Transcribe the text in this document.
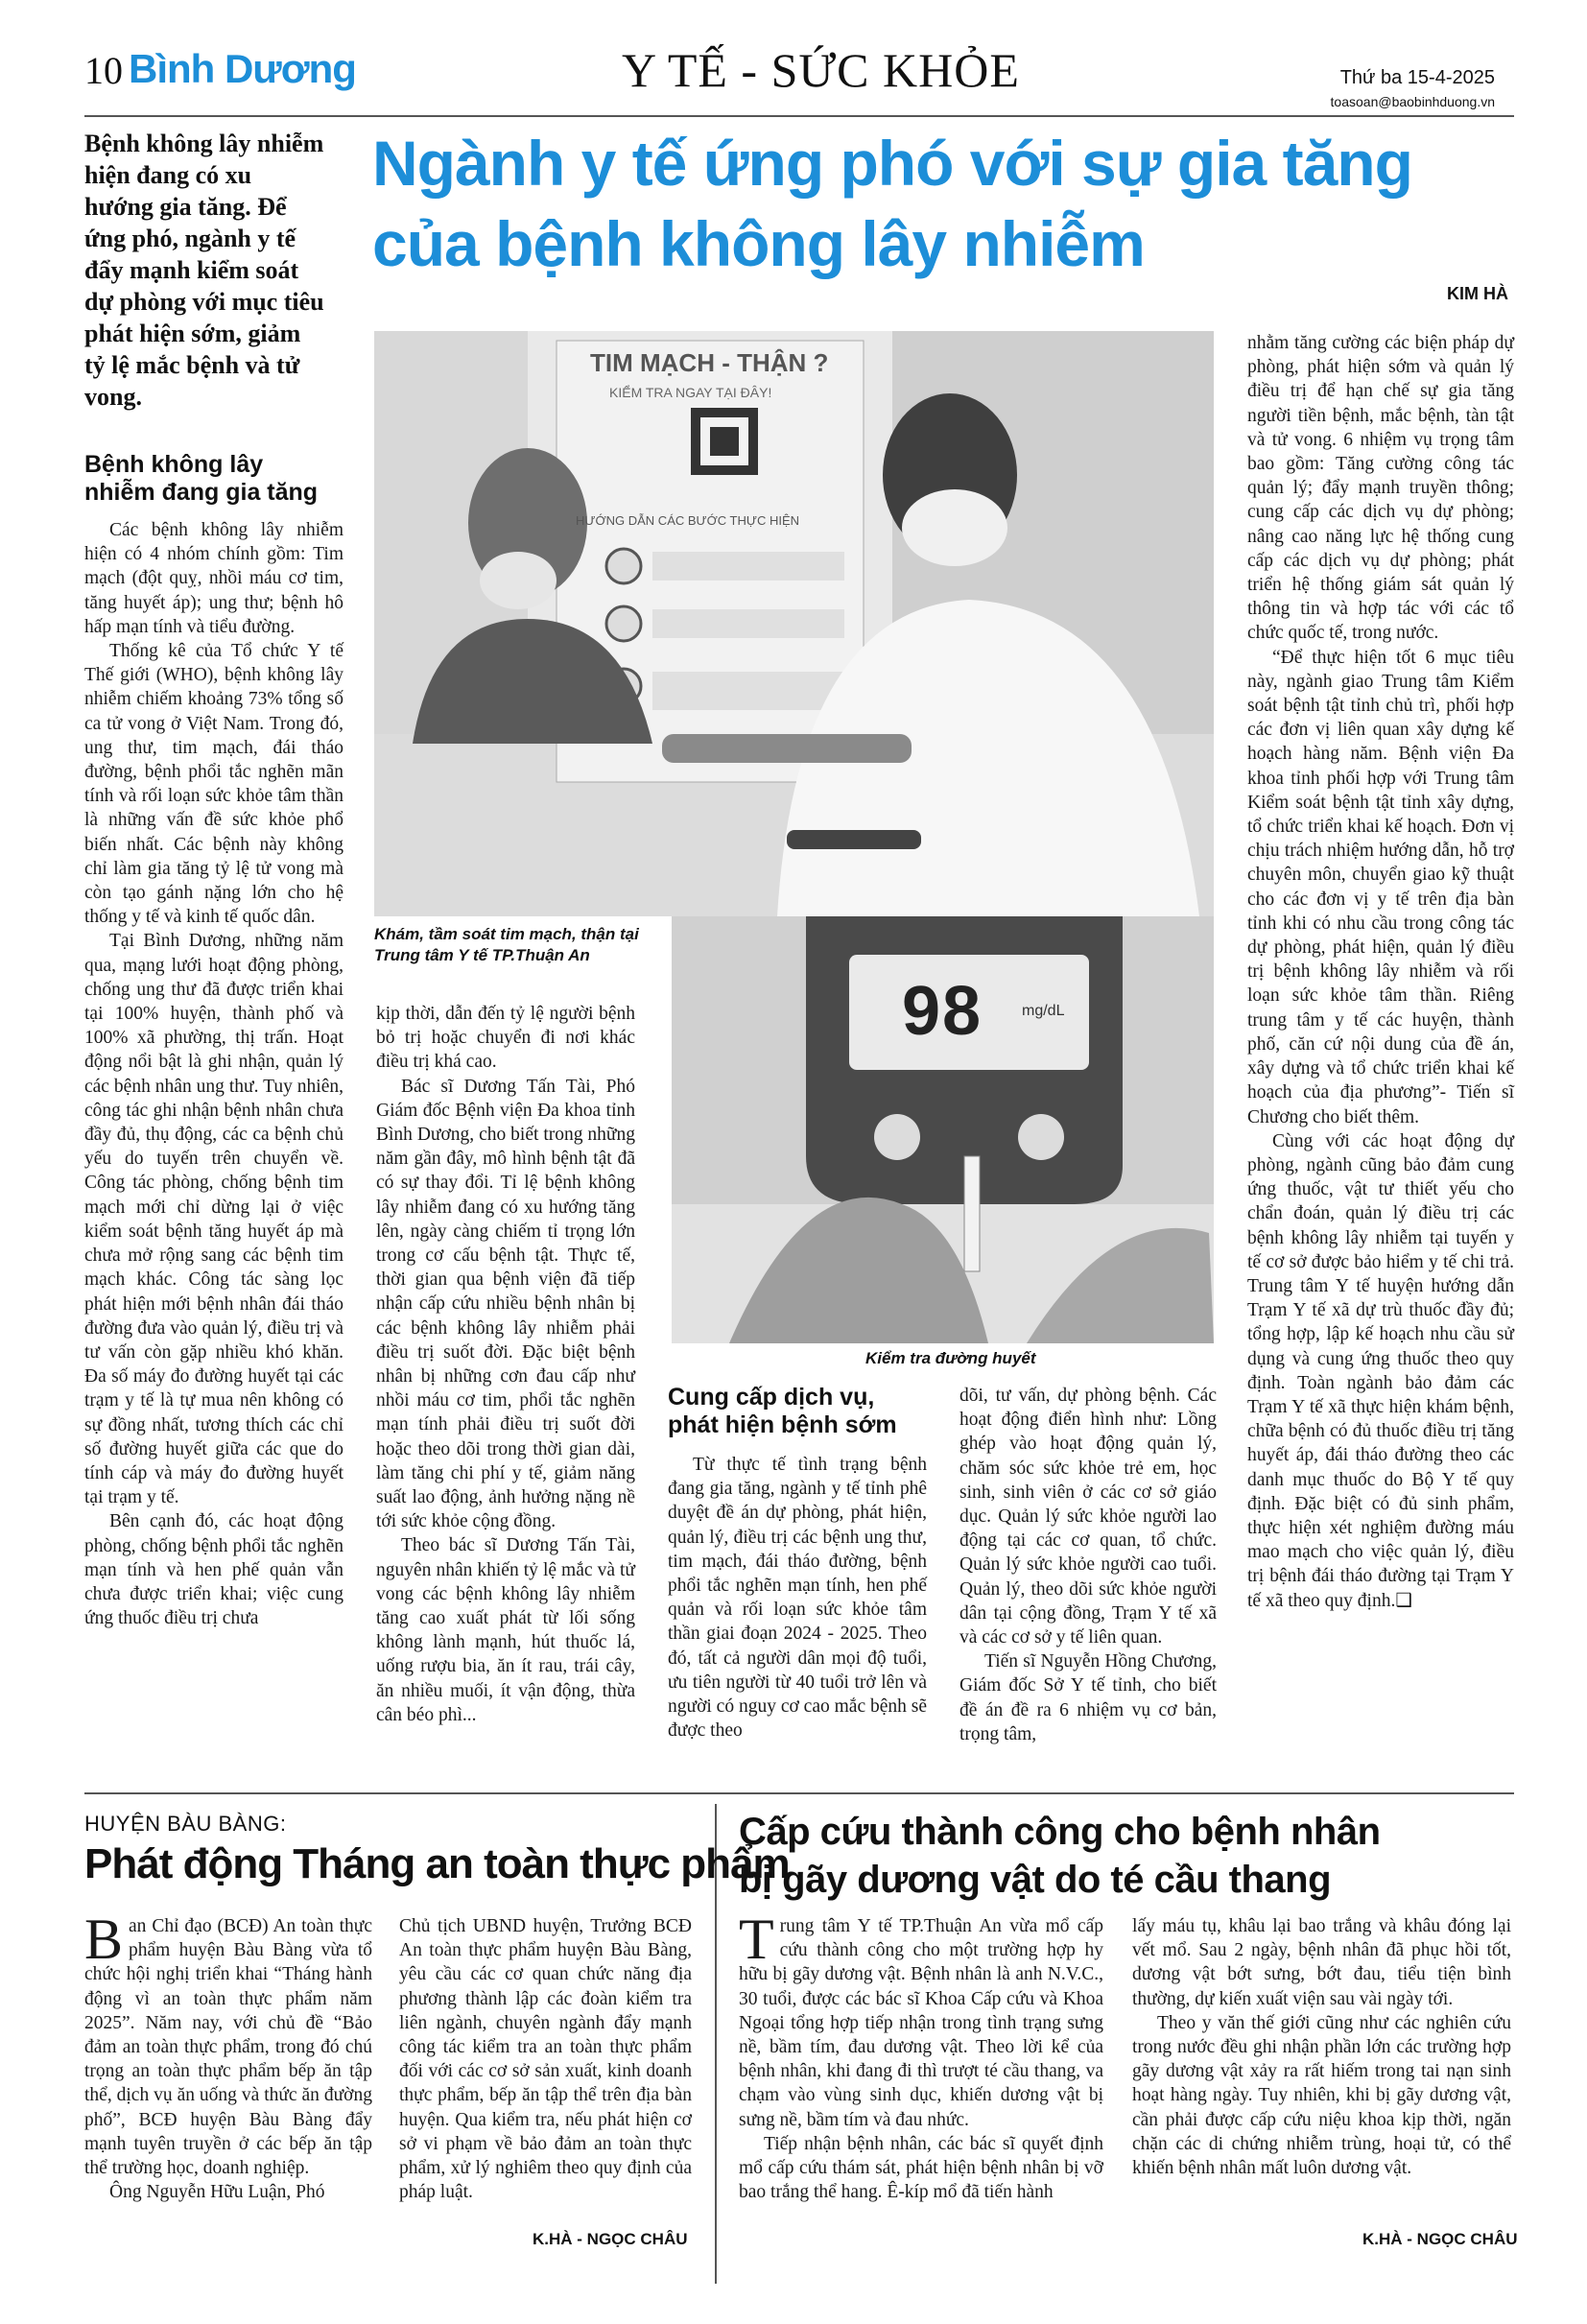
10 Bình Dương	Y TẾ - SỨC KHỎE	Thứ ba 15-4-2025
toasoan@baobinhduong.vn
Bệnh không lây nhiễm hiện đang có xu hướng gia tăng. Để ứng phó, ngành y tế đẩy mạnh kiểm soát dự phòng với mục tiêu phát hiện sớm, giảm tỷ lệ mắc bệnh và tử vong.
Ngành y tế ứng phó với sự gia tăng
của bệnh không lây nhiễm
KIM HÀ
Bệnh không lây nhiễm đang gia tăng

Các bệnh không lây nhiễm hiện có 4 nhóm chính gồm: Tim mạch (đột quỵ, nhồi máu cơ tim, tăng huyết áp); ung thư; bệnh hô hấp mạn tính và tiểu đường.

Thống kê của Tổ chức Y tế Thế giới (WHO), bệnh không lây nhiễm chiếm khoảng 73% tổng số ca tử vong ở Việt Nam. Trong đó, ung thư, tim mạch, đái tháo đường, bệnh phổi tắc nghẽn mãn tính và rối loạn sức khỏe tâm thần là những vấn đề sức khỏe phổ biến nhất. Các bệnh này không chỉ làm gia tăng tỷ lệ tử vong mà còn tạo gánh nặng lớn cho hệ thống y tế và kinh tế quốc dân.

Tại Bình Dương, những năm qua, mạng lưới hoạt động phòng, chống ung thư đã được triển khai tại 100% huyện, thành phố và 100% xã phường, thị trấn. Hoạt động nổi bật là ghi nhận, quản lý các bệnh nhân ung thư. Tuy nhiên, công tác ghi nhận bệnh nhân chưa đầy đủ, thụ động, các ca bệnh chủ yếu do tuyến trên chuyển về. Công tác phòng, chống bệnh tim mạch mới chỉ dừng lại ở việc kiểm soát bệnh tăng huyết áp mà chưa mở rộng sang các bệnh tim mạch khác. Công tác sàng lọc phát hiện mới bệnh nhân đái tháo đường đưa vào quản lý, điều trị và tư vấn còn gặp nhiều khó khăn. Đa số máy đo đường huyết tại các trạm y tế là tự mua nên không có sự đồng nhất, tương thích các chỉ số đường huyết giữa các que do tính cáp và máy đo đường huyết tại trạm y tế.

Bên cạnh đó, các hoạt động phòng, chống bệnh phổi tắc nghẽn mạn tính và hen phế quản vẫn chưa được triển khai; việc cung ứng thuốc điều trị chưa

TIM MẠCH - THẬN ?
KIỂM TRA NGAY TẠI ĐÂY!
HƯỚNG DẪN CÁC BƯỚC THỰC HIỆN
Khám, tầm soát tim mạch, thận tại Trung tâm Y tế TP.Thuận An
98	mg/dL
Kiểm tra đường huyết

kịp thời, dẫn đến tỷ lệ người bệnh bỏ trị hoặc chuyển đi nơi khác điều trị khá cao.

Bác sĩ Dương Tấn Tài, Phó Giám đốc Bệnh viện Đa khoa tỉnh Bình Dương, cho biết trong những năm gần đây, mô hình bệnh tật đã có sự thay đổi. Tỉ lệ bệnh không lây nhiễm đang có xu hướng tăng lên, ngày càng chiếm tỉ trọng lớn trong cơ cấu bệnh tật. Thực tế, thời gian qua bệnh viện đã tiếp nhận cấp cứu nhiều bệnh nhân bị các bệnh không lây nhiễm phải điều trị suốt đời. Đặc biệt bệnh nhân bị những cơn đau cấp như nhồi máu cơ tim, phổi tắc nghẽn mạn tính phải điều trị suốt đời hoặc theo dõi trong thời gian dài, làm tăng chi phí y tế, giảm năng suất lao động, ảnh hưởng nặng nề tới sức khỏe cộng đồng.

Theo bác sĩ Dương Tấn Tài, nguyên nhân khiến tỷ lệ mắc và tử vong các bệnh không lây nhiễm tăng cao xuất phát từ lối sống không lành mạnh, hút thuốc lá, uống rượu bia, ăn ít rau, trái cây, ăn nhiều muối, ít vận động, thừa cân béo phì...

Cung cấp dịch vụ, phát hiện bệnh sớm

Từ thực tế tình trạng bệnh đang gia tăng, ngành y tế tỉnh phê duyệt đề án dự phòng, phát hiện, quản lý, điều trị các bệnh ung thư, tim mạch, đái tháo đường, bệnh phổi tắc nghẽn mạn tính, hen phế quản và rối loạn sức khỏe tâm thần giai đoạn 2024 - 2025. Theo đó, tất cả người dân mọi độ tuổi, ưu tiên người từ 40 tuổi trở lên và người có nguy cơ cao mắc bệnh sẽ được theo

dõi, tư vấn, dự phòng bệnh. Các hoạt động điển hình như: Lồng ghép vào hoạt động quản lý, chăm sóc sức khỏe trẻ em, học sinh, sinh viên ở các cơ sở giáo dục. Quản lý sức khỏe người lao động tại các cơ quan, tổ chức. Quản lý sức khỏe người cao tuổi. Quản lý, theo dõi sức khỏe người dân tại cộng đồng, Trạm Y tế xã và các cơ sở y tế liên quan.

Tiến sĩ Nguyễn Hồng Chương, Giám đốc Sở Y tế tỉnh, cho biết đề án đề ra 6 nhiệm vụ cơ bản, trọng tâm,

nhằm tăng cường các biện pháp dự phòng, phát hiện sớm và quản lý điều trị để hạn chế sự gia tăng người tiền bệnh, mắc bệnh, tàn tật và tử vong. 6 nhiệm vụ trọng tâm bao gồm: Tăng cường công tác quản lý; đẩy mạnh truyền thông; cung cấp các dịch vụ dự phòng; nâng cao năng lực hệ thống cung cấp các dịch vụ dự phòng; phát triển hệ thống giám sát quản lý thông tin và hợp tác với các tổ chức quốc tế, trong nước.

“Để thực hiện tốt 6 mục tiêu này, ngành giao Trung tâm Kiểm soát bệnh tật tỉnh chủ trì, phối hợp các đơn vị liên quan xây dựng kế hoạch hàng năm. Bệnh viện Đa khoa tỉnh phối hợp với Trung tâm Kiểm soát bệnh tật tỉnh xây dựng, tổ chức triển khai kế hoạch. Đơn vị chịu trách nhiệm hướng dẫn, hỗ trợ chuyên môn, chuyển giao kỹ thuật cho các đơn vị y tế trên địa bàn tỉnh khi có nhu cầu trong công tác dự phòng, phát hiện, quản lý điều trị bệnh không lây nhiễm và rối loạn sức khỏe tâm thần. Riêng trung tâm y tế các huyện, thành phố, căn cứ nội dung của đề án, xây dựng và tổ chức triển khai kế hoạch của địa phương”- Tiến sĩ Chương cho biết thêm.

Cùng với các hoạt động dự phòng, ngành cũng bảo đảm cung ứng thuốc, vật tư thiết yếu cho chẩn đoán, quản lý điều trị các bệnh không lây nhiễm tại tuyến y tế cơ sở được bảo hiểm y tế chi trả. Trung tâm Y tế huyện hướng dẫn Trạm Y tế xã dự trù thuốc đầy đủ; tổng hợp, lập kế hoạch nhu cầu sử dụng và cung ứng thuốc theo quy định. Toàn ngành bảo đảm các Trạm Y tế xã thực hiện khám bệnh, chữa bệnh có đủ thuốc điều trị tăng huyết áp, đái tháo đường theo các danh mục thuốc do Bộ Y tế quy định. Đặc biệt có đủ sinh phẩm, thực hiện xét nghiệm đường máu mao mạch cho việc quản lý, điều trị bệnh đái tháo đường tại Trạm Y tế xã theo quy định.❑

HUYỆN BÀU BÀNG:
Phát động Tháng an toàn thực phẩm

Ban Chỉ đạo (BCĐ) An toàn thực phẩm huyện Bàu Bàng vừa tổ chức hội nghị triển khai “Tháng hành động vì an toàn thực phẩm năm 2025”. Năm nay, với chủ đề “Bảo đảm an toàn thực phẩm, trong đó chú trọng an toàn thực phẩm bếp ăn tập thể, dịch vụ ăn uống và thức ăn đường phố”, BCĐ huyện Bàu Bàng đẩy mạnh tuyên truyền ở các bếp ăn tập thể trường học, doanh nghiệp.

Ông Nguyễn Hữu Luận, Phó

Chủ tịch UBND huyện, Trưởng BCĐ An toàn thực phẩm huyện Bàu Bàng, yêu cầu các cơ quan chức năng địa phương thành lập các đoàn kiểm tra liên ngành, chuyên ngành đẩy mạnh công tác kiểm tra an toàn thực phẩm đối với các cơ sở sản xuất, kinh doanh thực phẩm, bếp ăn tập thể trên địa bàn huyện. Qua kiểm tra, nếu phát hiện cơ sở vi phạm về bảo đảm an toàn thực phẩm, xử lý nghiêm theo quy định của pháp luật.

K.HÀ - NGỌC CHÂU
Cấp cứu thành công cho bệnh nhân
bị gãy dương vật do té cầu thang

Trung tâm Y tế TP.Thuận An vừa mổ cấp cứu thành công cho một trường hợp hy hữu bị gãy dương vật. Bệnh nhân là anh N.V.C., 30 tuổi, được các bác sĩ Khoa Cấp cứu và Khoa Ngoại tổng hợp tiếp nhận trong tình trạng sưng nề, bầm tím, đau dương vật. Theo lời kể của bệnh nhân, khi đang đi thì trượt té cầu thang, va chạm vào vùng sinh dục, khiến dương vật bị sưng nề, bầm tím và đau nhức.

Tiếp nhận bệnh nhân, các bác sĩ quyết định mổ cấp cứu thám sát, phát hiện bệnh nhân bị vỡ bao trắng thể hang. Ê-kíp mổ đã tiến hành

lấy máu tụ, khâu lại bao trắng và khâu đóng lại vết mổ. Sau 2 ngày, bệnh nhân đã phục hồi tốt, dương vật bớt sưng, bớt đau, tiểu tiện bình thường, dự kiến xuất viện sau vài ngày tới.

Theo y văn thế giới cũng như các nghiên cứu trong nước đều ghi nhận phần lớn các trường hợp gãy dương vật xảy ra rất hiếm trong tai nạn sinh hoạt hàng ngày. Tuy nhiên, khi bị gãy dương vật, cần phải được cấp cứu niệu khoa kịp thời, ngăn chặn các di chứng nhiễm trùng, hoại tử, có thể khiến bệnh nhân mất luôn dương vật.

K.HÀ - NGỌC CHÂU
